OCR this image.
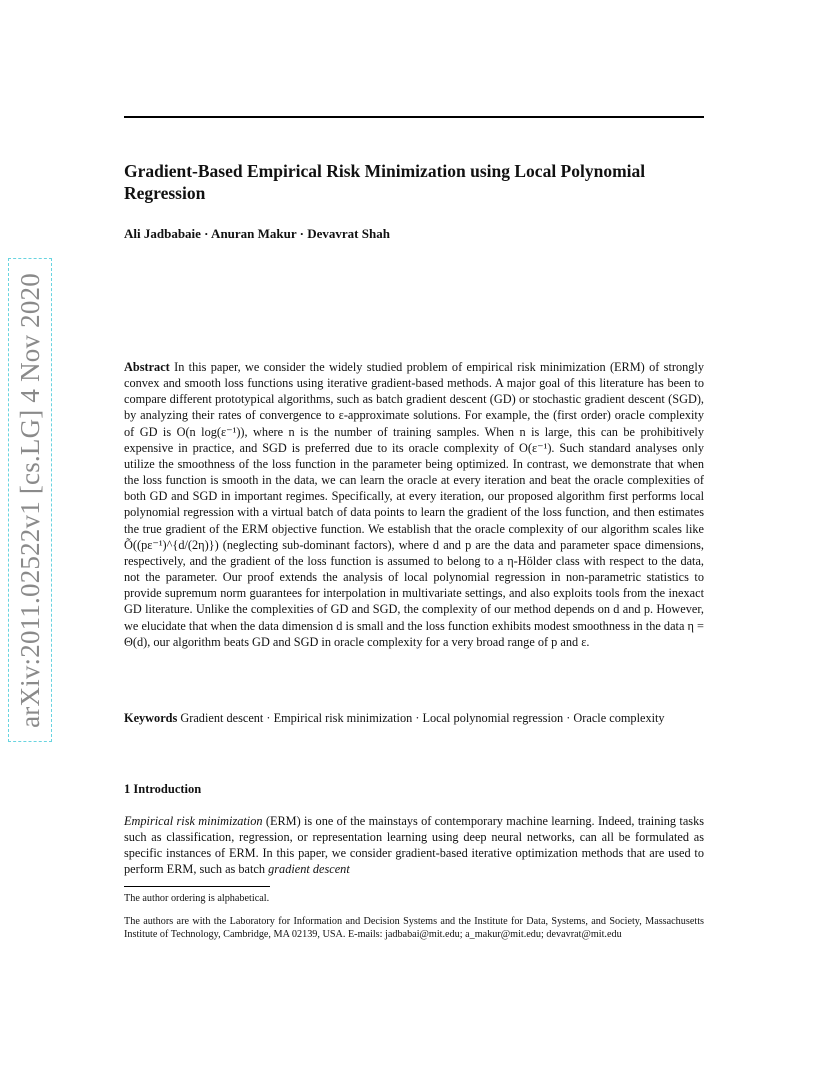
arXiv:2011.02522v1 [cs.LG] 4 Nov 2020
Gradient-Based Empirical Risk Minimization using Local Polynomial Regression
Ali Jadbabaie · Anuran Makur · Devavrat Shah
Abstract In this paper, we consider the widely studied problem of empirical risk minimization (ERM) of strongly convex and smooth loss functions using iterative gradient-based methods. A major goal of this literature has been to compare different prototypical algorithms, such as batch gradient descent (GD) or stochastic gradient descent (SGD), by analyzing their rates of convergence to ε-approximate solutions. For example, the (first order) oracle complexity of GD is O(n log(ε⁻¹)), where n is the number of training samples. When n is large, this can be prohibitively expensive in practice, and SGD is preferred due to its oracle complexity of O(ε⁻¹). Such standard analyses only utilize the smoothness of the loss function in the parameter being optimized. In contrast, we demonstrate that when the loss function is smooth in the data, we can learn the oracle at every iteration and beat the oracle complexities of both GD and SGD in important regimes. Specifically, at every iteration, our proposed algorithm first performs local polynomial regression with a virtual batch of data points to learn the gradient of the loss function, and then estimates the true gradient of the ERM objective function. We establish that the oracle complexity of our algorithm scales like Õ((pε⁻¹)^{d/(2η)}) (neglecting sub-dominant factors), where d and p are the data and parameter space dimensions, respectively, and the gradient of the loss function is assumed to belong to a η-Hölder class with respect to the data, not the parameter. Our proof extends the analysis of local polynomial regression in non-parametric statistics to provide supremum norm guarantees for interpolation in multivariate settings, and also exploits tools from the inexact GD literature. Unlike the complexities of GD and SGD, the complexity of our method depends on d and p. However, we elucidate that when the data dimension d is small and the loss function exhibits modest smoothness in the data η = Θ(d), our algorithm beats GD and SGD in oracle complexity for a very broad range of p and ε.
Keywords Gradient descent · Empirical risk minimization · Local polynomial regression · Oracle complexity
1 Introduction
Empirical risk minimization (ERM) is one of the mainstays of contemporary machine learning. Indeed, training tasks such as classification, regression, or representation learning using deep neural networks, can all be formulated as specific instances of ERM. In this paper, we consider gradient-based iterative optimization methods that are used to perform ERM, such as batch gradient descent
The author ordering is alphabetical.
The authors are with the Laboratory for Information and Decision Systems and the Institute for Data, Systems, and Society, Massachusetts Institute of Technology, Cambridge, MA 02139, USA. E-mails: jadbabai@mit.edu; a_makur@mit.edu; devavrat@mit.edu
